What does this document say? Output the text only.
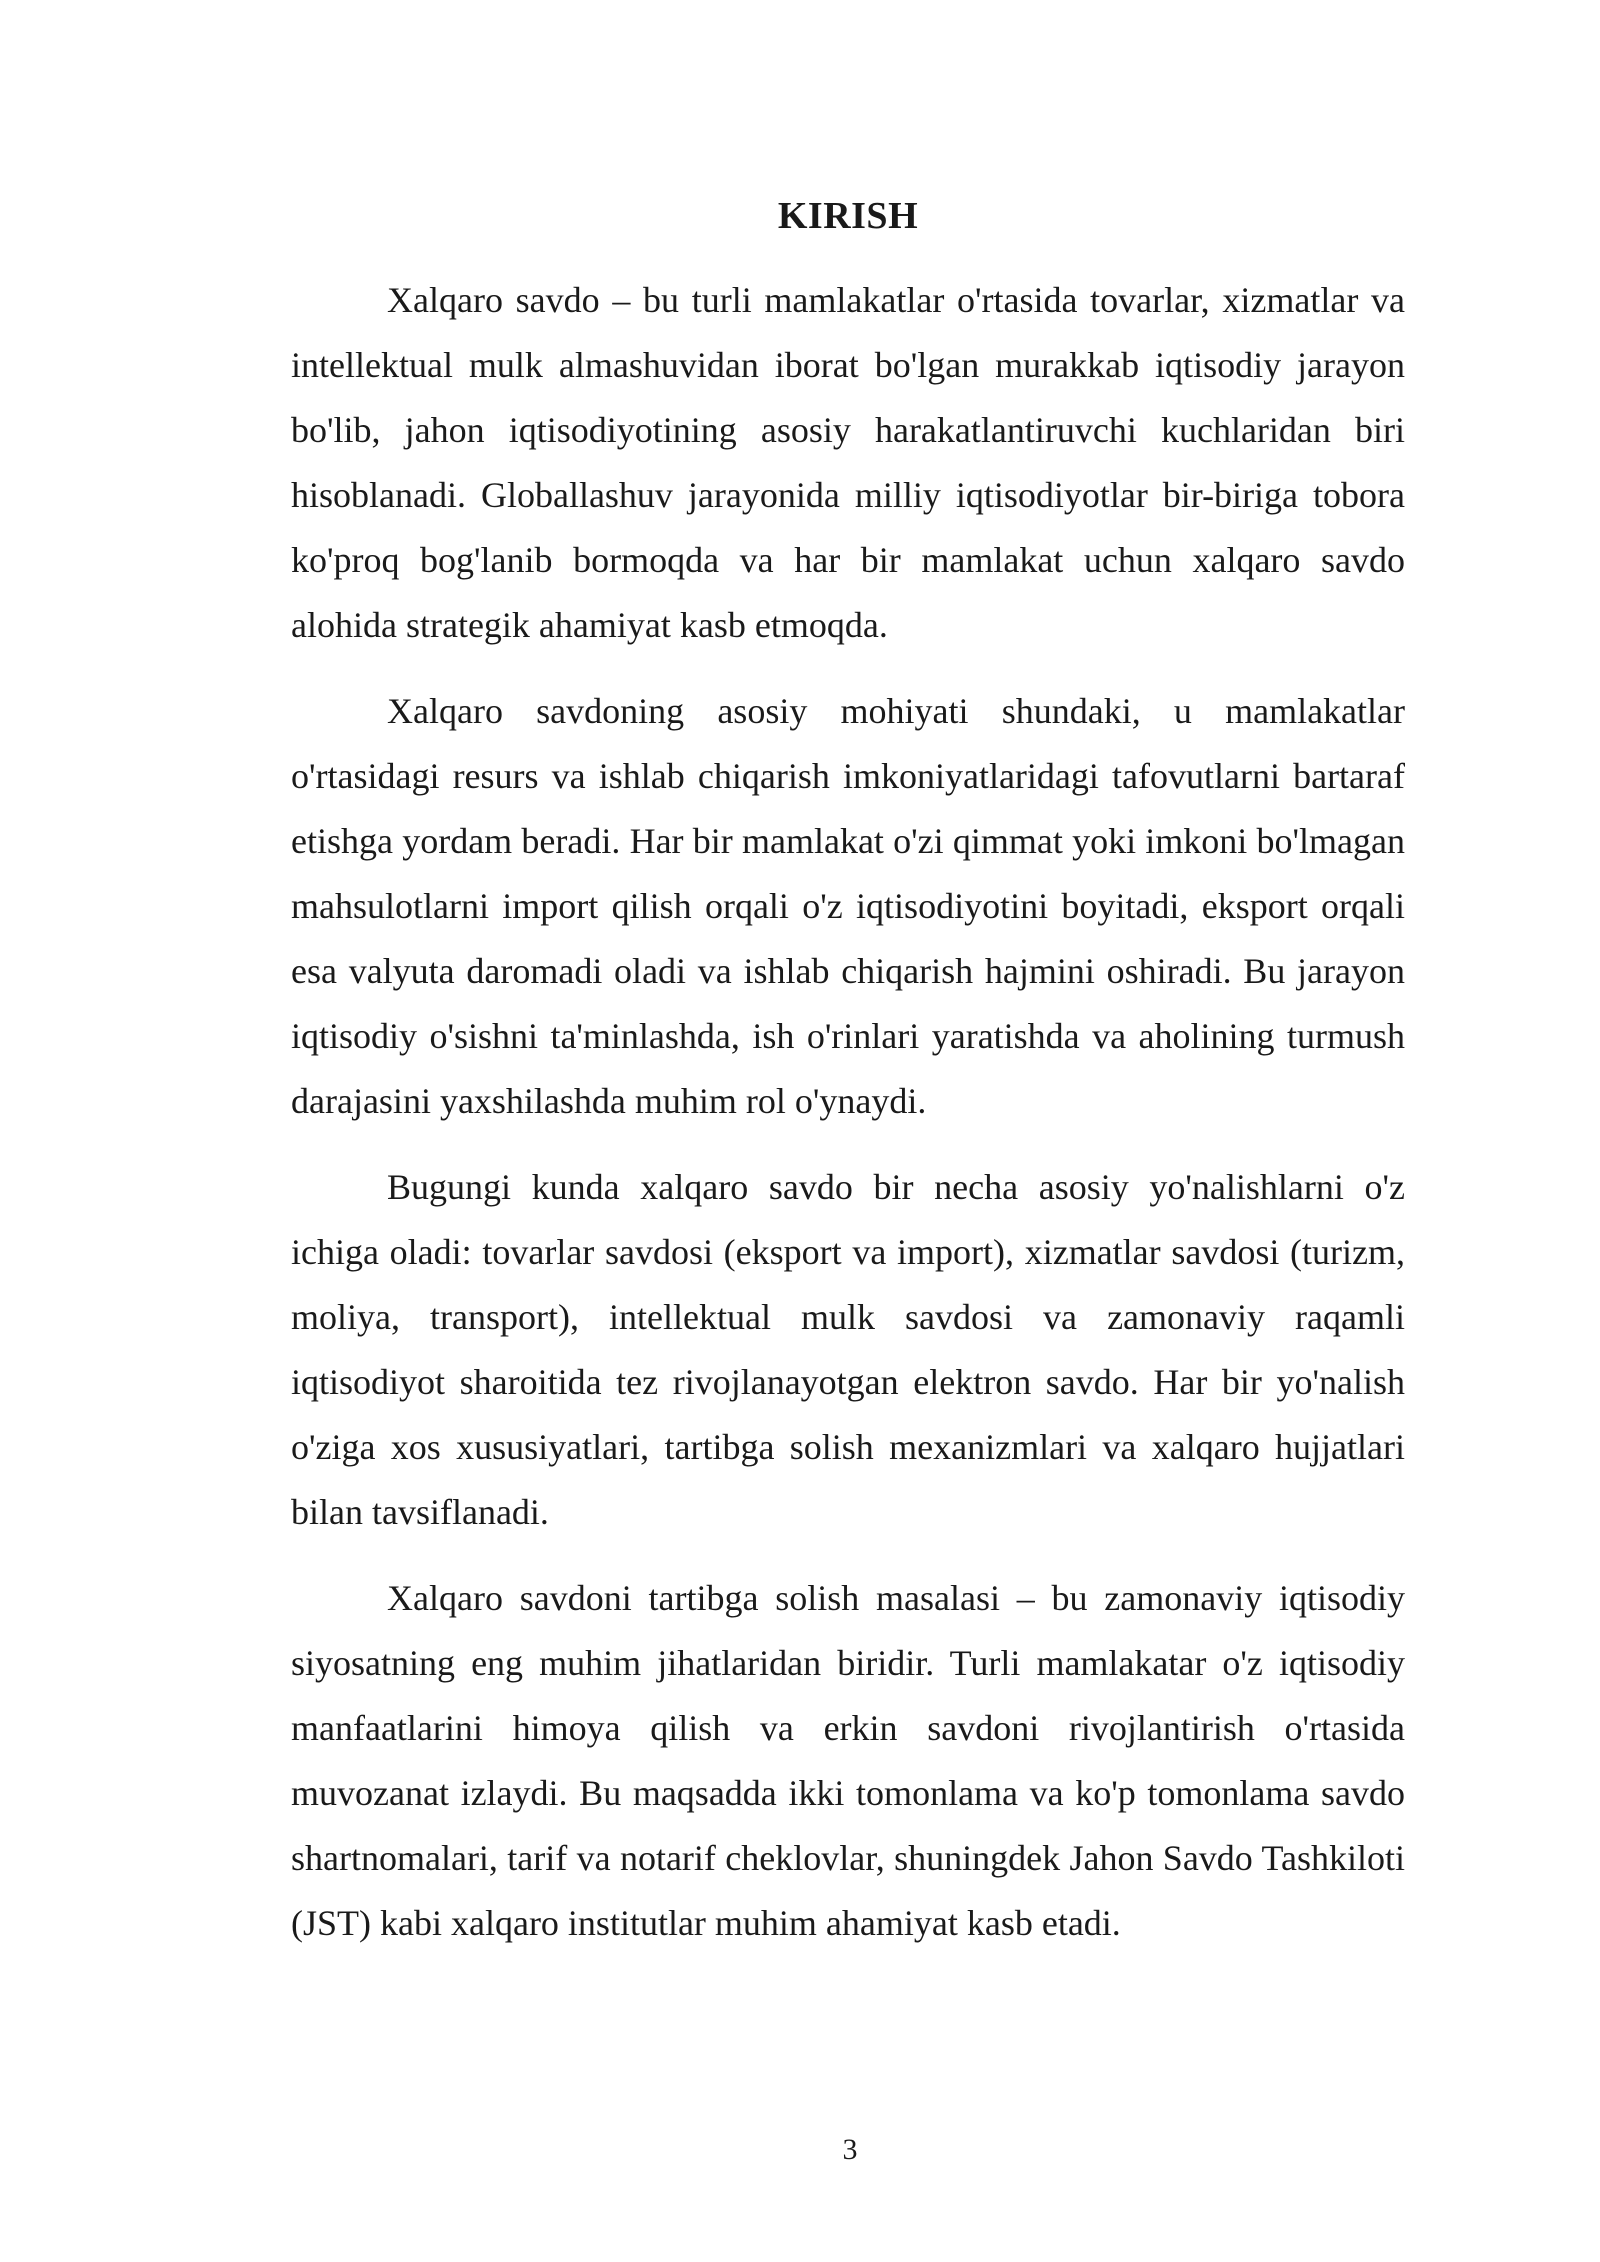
KIRISH

Xalqaro savdo – bu turli mamlakatlar o'rtasida tovarlar, xizmatlar va intellektual mulk almashuvidan iborat bo'lgan murakkab iqtisodiy jarayon bo'lib, jahon iqtisodiyotining asosiy harakatlantiruvchi kuchlaridan biri hisoblanadi. Globallashuv jarayonida milliy iqtisodiyotlar bir-biriga tobora ko'proq bog'lanib bormoqda va har bir mamlakat uchun xalqaro savdo alohida strategik ahamiyat kasb etmoqda.

Xalqaro savdoning asosiy mohiyati shundaki, u mamlakatlar o'rtasidagi resurs va ishlab chiqarish imkoniyatlaridagi tafovutlarni bartaraf etishga yordam beradi. Har bir mamlakat o'zi qimmat yoki imkoni bo'lmagan mahsulotlarni import qilish orqali o'z iqtisodiyotini boyitadi, eksport orqali esa valyuta daromadi oladi va ishlab chiqarish hajmini oshiradi. Bu jarayon iqtisodiy o'sishni ta'minlashda, ish o'rinlari yaratishda va aholining turmush darajasini yaxshilashda muhim rol o'ynaydi.

Bugungi kunda xalqaro savdo bir necha asosiy yo'nalishlarni o'z ichiga oladi: tovarlar savdosi (eksport va import), xizmatlar savdosi (turizm, moliya, transport), intellektual mulk savdosi va zamonaviy raqamli iqtisodiyot sharoitida tez rivojlanayotgan elektron savdo. Har bir yo'nalish o'ziga xos xususiyatlari, tartibga solish mexanizmlari va xalqaro hujjatlari bilan tavsiflanadi.

Xalqaro savdoni tartibga solish masalasi – bu zamonaviy iqtisodiy siyosatning eng muhim jihatlaridan biridir. Turli mamlakatar o'z iqtisodiy manfaatlarini himoya qilish va erkin savdoni rivojlantirish o'rtasida muvozanat izlaydi. Bu maqsadda ikki tomonlama va ko'p tomonlama savdo shartnomalari, tarif va notarif cheklovlar, shuningdek Jahon Savdo Tashkiloti (JST) kabi xalqaro institutlar muhim ahamiyat kasb etadi.

3
